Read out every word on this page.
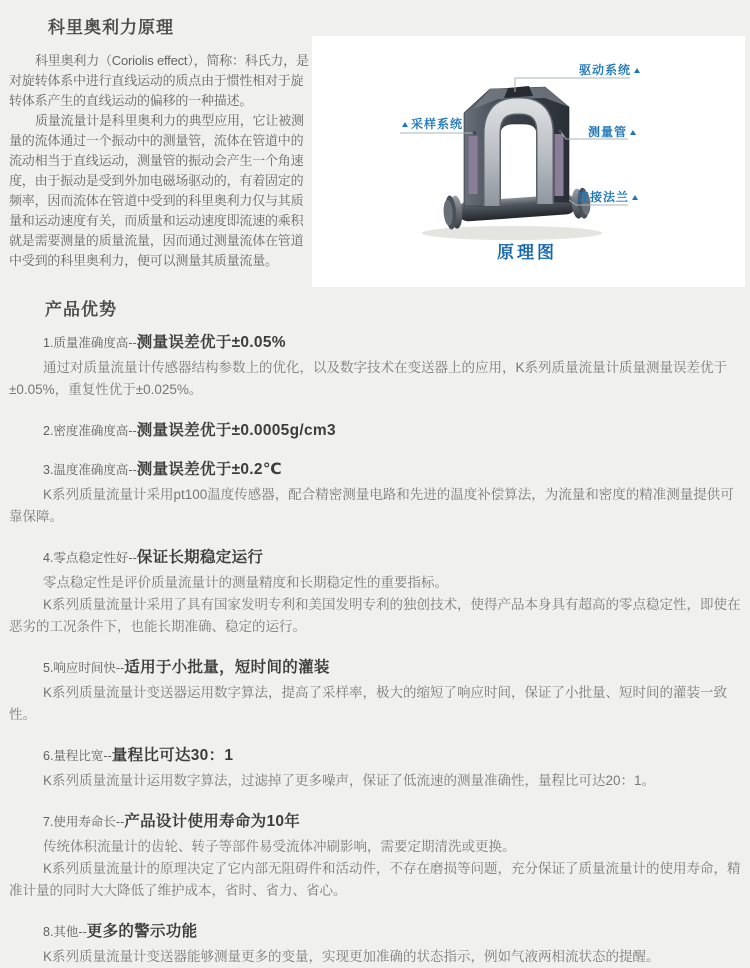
科里奥利力原理

科里奥利力（Coriolis effect），简称：科氏力，是对旋转体系中进行直线运动的质点由于惯性相对于旋转体系产生的直线运动的偏移的一种描述。

质量流量计是科里奥利力的典型应用，它让被测量的流体通过一个振动中的测量管，流体在管道中的流动相当于直线运动，测量管的振动会产生一个角速度，由于振动是受到外加电磁场驱动的，有着固定的频率，因而流体在管道中受到的科里奥利力仅与其质量和运动速度有关，而质量和运动速度即流速的乘积就是需要测量的质量流量，因而通过测量流体在管道中受到的科里奥利力，便可以测量其质量流量。

驱动系统
采样系统
测量管
连接法兰
原理图
产品优势
1.质量准确度高--测量误差优于±0.05%

通过对质量流量计传感器结构参数上的优化，以及数字技术在变送器上的应用，K系列质量流量计质量测量误差优于±0.05%，重复性优于±0.025%。

2.密度准确度高--测量误差优于±0.0005g/cm3
3.温度准确度高--测量误差优于±0.2℃

K系列质量流量计采用pt100温度传感器，配合精密测量电路和先进的温度补偿算法，为流量和密度的精准测量提供可靠保障。

4.零点稳定性好--保证长期稳定运行

零点稳定性是评价质量流量计的测量精度和长期稳定性的重要指标。

K系列质量流量计采用了具有国家发明专利和美国发明专利的独创技术，使得产品本身具有超高的零点稳定性，即使在恶劣的工况条件下，也能长期准确、稳定的运行。

5.响应时间快--适用于小批量，短时间的灌装

K系列质量流量计变送器运用数字算法，提高了采样率，极大的缩短了响应时间，保证了小批量、短时间的灌装一致性。

6.量程比宽--量程比可达30：1

K系列质量流量计运用数字算法，过滤掉了更多噪声，保证了低流速的测量准确性，量程比可达20：1。

7.使用寿命长--产品设计使用寿命为10年

传统体积流量计的齿轮、转子等部件易受流体冲刷影响，需要定期清洗或更换。

K系列质量流量计的原理决定了它内部无阻碍件和活动件，不存在磨损等问题，充分保证了质量流量计的使用寿命，精准计量的同时大大降低了维护成本，省时、省力、省心。

8.其他--更多的警示功能

K系列质量流量计变送器能够测量更多的变量，实现更加准确的状态指示，例如气液两相流状态的提醒。
